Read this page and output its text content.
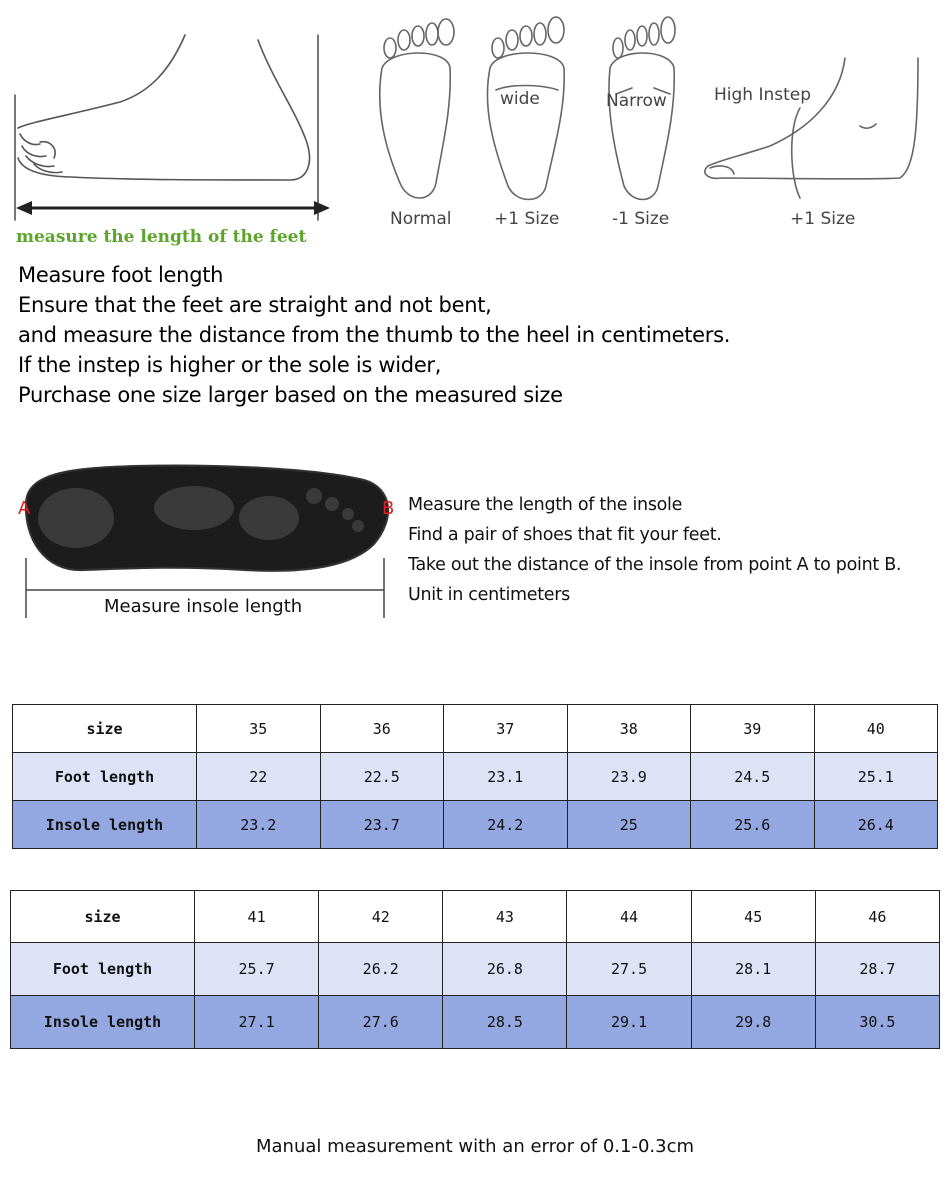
measure the length of the feet
wide	Narrow	High Instep
Normal +1 Size	-1 Size	+1 Size
Measure foot length
Ensure that the feet are straight and not bent,
and measure the distance from the thumb to the heel in centimeters.
If the instep is higher or the sole is wider,
Purchase one size larger based on the measured size
A	B
Measure insole length
Measure the length of the insole
Find a pair of shoes that fit your feet.
Take out the distance of the insole from point A to point B.
Unit in centimeters
size	35	36	37	38	39	40
Foot length	22	22.5	23.1	23.9	24.5	25.1
Insole length	23.2	23.7	24.2	25	25.6	26.4
size	41	42	43	44	45	46
Foot length	25.7	26.2	26.8	27.5	28.1	28.7
Insole length	27.1	27.6	28.5	29.1	29.8	30.5
Manual measurement with an error of 0.1-0.3cm
